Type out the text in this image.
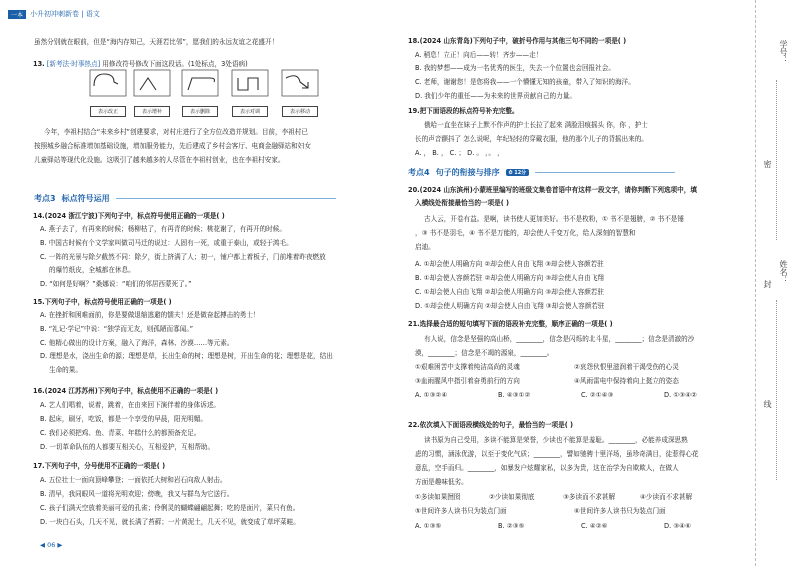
一本	小升初冲刺新卷 | 语文
虽然分别就在眼前，但是“海内存知己，天涯若比邻”，愿我们的永远友谊之花盛开！
13. [新考法·时事热点] 用修改符号修改下面这段话。(1处标点，3处语病)
表示改正	表示增补	表示删除	表示对调	表示移动
今年，李祖村结合“未来乡村”创建要求，对村庄进行了全方位改造并规划。目前，李祖村已
按照城乡融合标准增加基础设施，增加服务能力，先后建成了乡村会客厅、电商金融驿站和妇女
儿童驿站等现代化设施。这吸引了越来越多的人尽管在李祖村创业，也在李祖村安家。
考点3 标点符号运用
14.(2024 浙江宁波)下列句子中，标点符号使用正确的一项是( )
A. 燕子去了，有再来的时候；杨柳枯了，有再青的时候；桃花谢了，有再开的时候。
B. 中国古时候有个文学家叫做司马迁的说过：人固有一死，或重于泰山，或轻于鸿毛。
C. 一阵的光景与除夕截然不同：除夕，街上挤满了人；初一，铺户都上着板子，门前堆着昨夜燃放
的爆竹纸皮，全城都在休息。
D. “如何是好啊？”桑娜说：“咱们的邻居西蒙死了。”
15.下列句子中，标点符号使用正确的一项是( )
A. 在挫折和困难面前，你是要做退缩逃避的懦夫！还是做奋起搏击的勇士！
B. “礼记·学记”中说：“独学而无友，则孤陋而寡闻。”
C. 他精心做出的设计方案，融入了海洋，森林、沙漠……等元素。
D. 理想是水，浇出生命的源；理想是草，长出生命的树；理想是树，开出生命的花；理想是花，结出
生命的果。
16.(2024 江苏苏州)下列句子中，标点使用不正确的一项是( )
A. 艺人们唱着，说着，跳着，在由来回下演伴着的身体诉述。
B. 起床，刷牙，吃饭，都是一个享受的早晨，阳光明媚。
C. 我们必须把鸡、鱼、青菜、年糕什么的都预备充足。
D. 一切革命队伍的人都要互相关心，互相爱护，互相帮助。
17.下列句子中，分号使用不正确的一项是( )
A. 五位壮士一面向顶峰攀登；一面依托大树和岩石向敌人射击。
B. 清早，我同眼风一道将光明欢迎；傍晚，我又与群鸟为它送行。
C. 孩子们满天空放着美丽可爱的孔雀；伶俐灵的蝴蝶翩翩起舞；吃的是面片，菜只有鱼。
D. 一块白石头，几天不见，就长满了苔藓；一片黄泥土，几天不见，就变成了草坪菜畦。
◀ 06 ▶
18.(2024 山东青岛)下列句子中，破折号作用与其他三句不同的一项是( )
A. 稍息！立正！向后——转！齐步——走！
B. 我的梦想——成为一名优秀的医生，失去一个位置也会回报社会。
C. 老师，谢谢您！是您将我——一个懵懂无知的孩童，带入了知识的海洋。
D. 我们少年的重任——为未来的世界贡献自己的力量。
19.把下面语段的标点符号补充完整。
俄哈一直坐在妹子上默不作声的护士长拉了起来 满脸泪痕摇头 你，你 ，护士
长的声音颤抖了 怎么说呢，年纪轻轻的穿戴衣服，他的那个儿子的背摇出来的。
A. ， B. ， C. ； D. 。 ，。 ，
考点4 句子的衔接与排序	⏱ 12分
20.(2024 山东滨州)小蒙班里编写的班级文集卷首语中有这样一段文字，请你判断下列选项中，填
入横线处衔接最恰当的一项是( )
古人云，开卷有益。是啊，读书使人更加美好。书不是枚粉，① 书不是翅膀，② 书不是锤
，③ 书不是羽毛，④ 书不是万能的，却会使人千变万化，给人深刻的智慧和
启迪。
A. ①却会使人明确方向 ②却会使人自由飞翔 ③却会使人容颜若驻
B. ①却会使人容颜若驻 ②却会使人明确方向 ③却会使人自由飞翔
C. ①却会使人自由飞翔 ②却会使人明确方向 ③却会使人容颜若驻
D. ①却会使人明确方向 ②却会使人自由飞翔 ③却会使人容颜若驻
21.选择最合适的短句填写下面的语段补充完整，顺序正确的一项是( )
有人说，信念是坚强的高山桥，________，信念是闪烁的北斗星，________；信念是清澈的沙
漠，________；信念是不竭的源泉，________。
①艰难困苦中支撑着纯洁高尚的灵魂	②哀怨伙恨里滋润着干渴受伤的心灵
③血雨腥风中指引着奋勇前行的方向	④风雨雷电中保持着向上挺立的姿态
A. ①③②④	B. ④③①②	C. ②①④③	D. ①③④②
22.依次填入下面语段横线处的句子，最恰当的一项是( )
读书原为自己受用，多读不能算是荣誉，少读也不能算是羞耻。________，必能养成深思熟
虑的习惯，涵泳优游，以至于变化气质；________，譬如驰骋十里洋场，虽珍奇满目，徒惹得心花
意乱，空手而归。________，如暴发户炫耀家私，以多为贵，这在治学为自欺欺人，在做人
方面是趣味低劣。
①多读如果囫囵	②少读如果彻底	③多读而不求甚解	④少读而不求甚解
⑤世间许多人读书只为装点门面	⑥世间许多人读书只为装点门面
A. ①③⑤	B. ②③⑤	C. ④②⑥	D. ③④⑥
学号：
姓名：
密
封
线
